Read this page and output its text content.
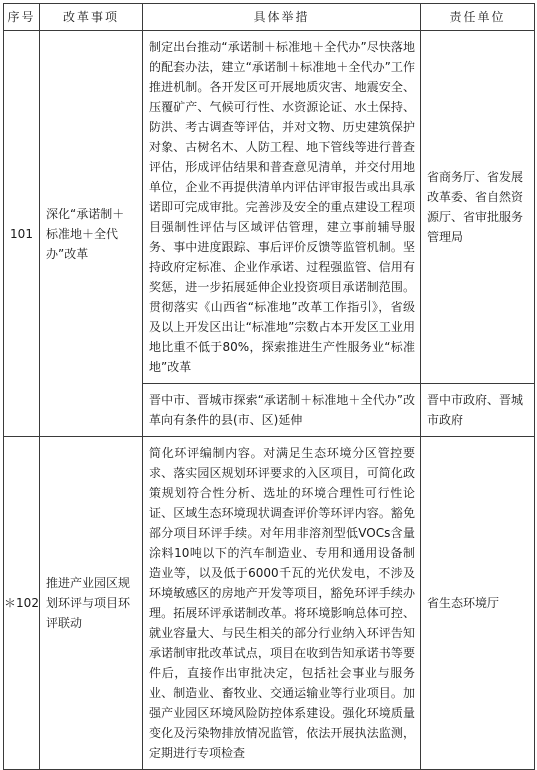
序号	改革事项	具体举措	责任单位
101	深化“承诺制＋标准地＋全代办”改革	制定出台推动“承诺制＋标准地＋全代办”尽快落地的配套办法，建立“承诺制＋标准地＋全代办”工作推进机制。各开发区可开展地质灾害、地震安全、压覆矿产、气候可行性、水资源论证、水土保持、防洪、考古调查等评估，并对文物、历史建筑保护对象、古树名木、人防工程、地下管线等进行普查评估，形成评估结果和普查意见清单，并交付用地单位，企业不再提供清单内评估评审报告或出具承诺即可完成审批。完善涉及安全的重点建设工程项目强制性评估与区域评估管理，建立事前辅导服务、事中进度跟踪、事后评价反馈等监管机制。坚持政府定标准、企业作承诺、过程强监管、信用有奖惩，进一步拓展延伸企业投资项目承诺制范围。贯彻落实《山西省“标准地”改革工作指引》，省级及以上开发区出让“标准地”宗数占本开发区工业用地比重不低于80%，探索推进生产性服务业“标准地”改革	省商务厅、省发展改革委、省自然资源厅、省审批服务管理局
		晋中市、晋城市探索“承诺制＋标准地＋全代办”改革向有条件的县(市、区)延伸	晋中市政府、晋城市政府
＊102	推进产业园区规划环评与项目环评联动	简化环评编制内容。对满足生态环境分区管控要求、落实园区规划环评要求的入区项目，可简化政策规划符合性分析、选址的环境合理性可行性论证、区域生态环境现状调查评价等环评内容。豁免部分项目环评手续。对年用非溶剂型低VOCs含量涂料10吨以下的汽车制造业、专用和通用设备制造业等，以及低于6000千瓦的光伏发电，不涉及环境敏感区的房地产开发等项目，豁免环评手续办理。拓展环评承诺制改革。将环境影响总体可控、就业容量大、与民生相关的部分行业纳入环评告知承诺制审批改革试点，项目在收到告知承诺书等要件后，直接作出审批决定，包括社会事业与服务业、制造业、畜牧业、交通运输业等行业项目。加强产业园区环境风险防控体系建设。强化环境质量变化及污染物排放情况监管，依法开展执法监测，定期进行专项检查	省生态环境厅
